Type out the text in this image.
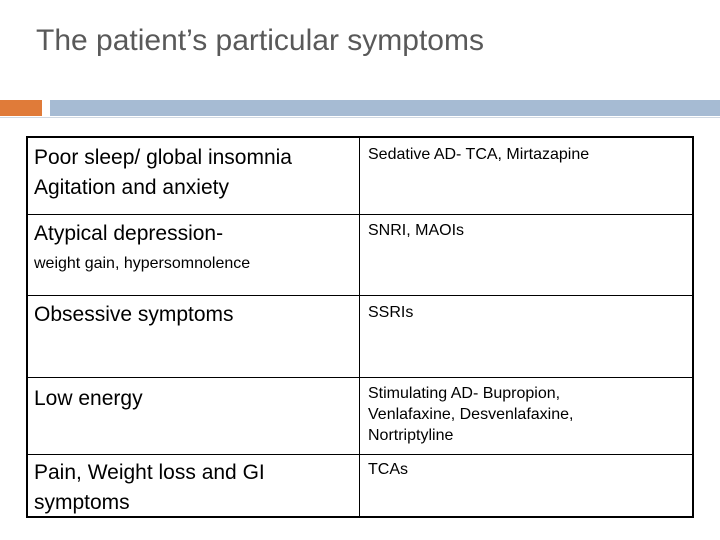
The patient’s particular symptoms
Poor sleep/ global insomnia
Agitation and anxiety
Sedative AD- TCA, Mirtazapine
Atypical depression-
weight gain, hypersomnolence
SNRI, MAOIs
Obsessive symptoms	SSRIs
Low energy	Stimulating AD- Bupropion,
Venlafaxine, Desvenlafaxine,
Nortriptyline
Pain, Weight loss and GI
symptoms
TCAs
